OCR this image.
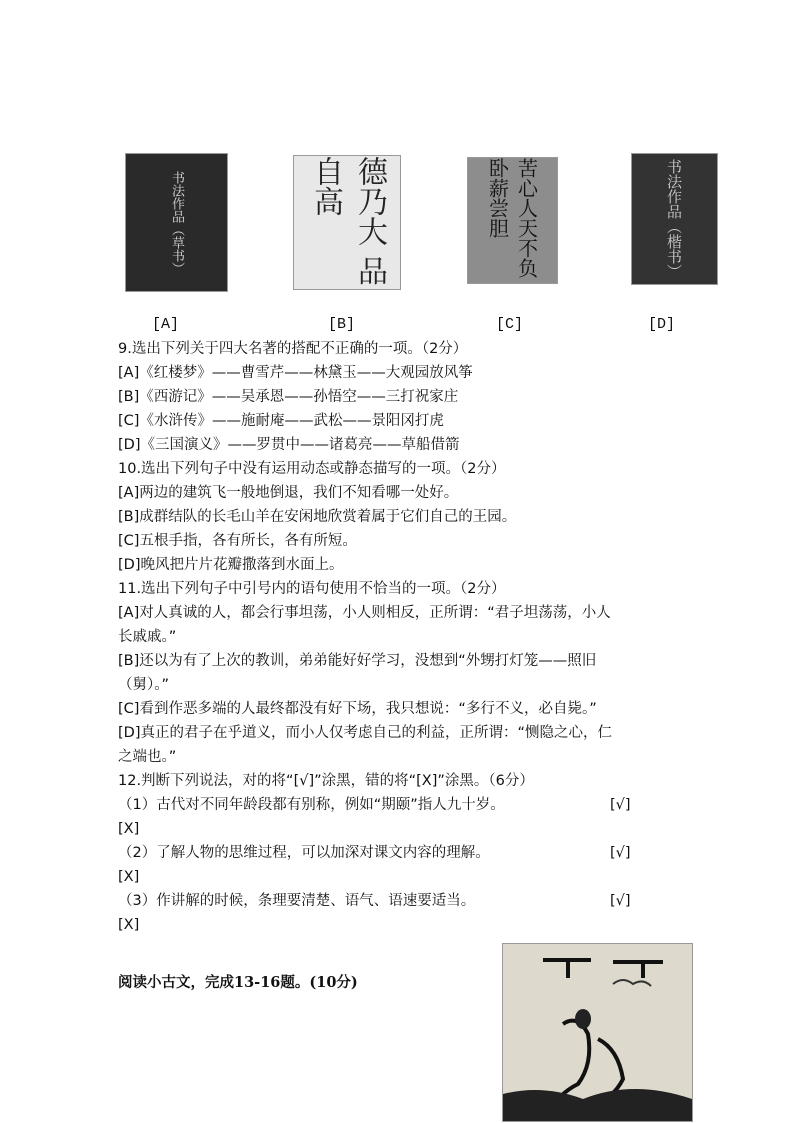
书法作品（草书）	德乃大 品自高	苦心人天不负 卧薪尝胆	书法作品（楷书）
[A]	[B]	[C]	[D]
9.选出下列关于四大名著的搭配不正确的一项。（2分）
[A]《红楼梦》——曹雪芹——林黛玉——大观园放风筝
[B]《西游记》——吴承恩——孙悟空——三打祝家庄
[C]《水浒传》——施耐庵——武松——景阳冈打虎
[D]《三国演义》——罗贯中——诸葛亮——草船借箭
10.选出下列句子中没有运用动态或静态描写的一项。（2分）
[A]两边的建筑飞一般地倒退，我们不知看哪一处好。
[B]成群结队的长毛山羊在安闲地欣赏着属于它们自己的王园。
[C]五根手指，各有所长，各有所短。
[D]晚风把片片花瓣撒落到水面上。
11.选出下列句子中引号内的语句使用不恰当的一项。（2分）
[A]对人真诚的人，都会行事坦荡，小人则相反，正所谓：“君子坦荡荡，小人
长戚戚。”
[B]还以为有了上次的教训，弟弟能好好学习，没想到“外甥打灯笼——照旧
（舅）。”
[C]看到作恶多端的人最终都没有好下场，我只想说：“多行不义，必自毙。”
[D]真正的君子在乎道义，而小人仅考虑自己的利益，正所谓：“恻隐之心，仁
之端也。”
12.判断下列说法，对的将“[√]”涂黑，错的将“[X]”涂黑。（6分）
（1）古代对不同年龄段都有别称，例如“期颐”指人九十岁。	[√]
[X]
（2）了解人物的思维过程，可以加深对课文内容的理解。	[√]
[X]
（3）作讲解的时候，条理要清楚、语气、语速要适当。	[√]
[X]
阅读小古文，完成13-16题。(10分)
